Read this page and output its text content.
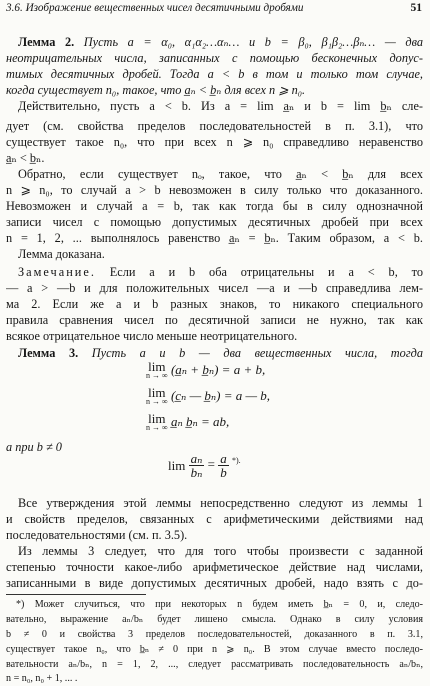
3.6. Изображение вещественных чисел десятичными дробями	51
Лемма 2. Пусть a = α₀, α₁α₂…αₙ… и b = β₀, β₁β₂…βₙ… — два
неотрицательных числа, записанных с помощью бесконечных допус-
тимых десятичных дробей. Тогда a < b в том и только том случае,
когда существует n₀, такое, что a̲ₙ < b̲ₙ для всех n ⩾ n₀.
Действительно, пусть a < b. Из a = lim a̲ₙ и b = lim b̲ₙ сле-
дует (см. свойства пределов последовательностей в п. 3.1), что
существует такое n₀, что при всех n ⩾ n₀ справедливо неравенство
a̲ₙ < b̲ₙ.
Обратно, если существует nₒ, такое, что a̲ₙ < b̲ₙ для всех
n ⩾ n₀, то случай a > b невозможен в силу только что доказанного.
Невозможен и случай a = b, так как тогда бы в силу однозначной
записи чисел с помощью допустимых десятичных дробей при всех
n = 1, 2, ... выполнялось равенство a̲ₙ = b̲ₙ. Таким образом, a < b.
Лемма доказана.
Замечание. Если a и b оба отрицательны и a < b, то
— a > —b и для положительных чисел —a и —b справедлива лем-
ма 2. Если же a и b разных знаков, то никакого специального
правила сравнения чисел по десятичной записи не нужно, так как
всякое отрицательное число меньше неотрицательного.
Лемма 3. Пусть a и b — два вещественных числа, тогда
lim
n → ∞ (a̲ₙ + b̲ₙ) = a + b,
lim
n → ∞ (c̲ₙ — b̲ₙ) = a — b,
lim
n → ∞ a̲ₙ b̲ₙ = ab,
a при b ≠ 0
lim
$\frac{\text{aₙ}}{\text{bₙ}} = \frac{a}{b} ^{*).}$
Все утверждения этой леммы непосредственно следуют из леммы 1
и свойств пределов, связанных с арифметическими действиями над
последовательностями (см. п. 3.5).
Из леммы 3 следует, что для того чтобы произвести с заданной
степенью точности какое-либо арифметическое действие над числами,
записанными в виде допустимых десятичных дробей, надо взять с до-
*) Может случиться, что при некоторых n будем иметь b̲ₙ = 0, и, следо-
вательно, выражение aₙ/bₙ будет лишено смысла. Однако в силу условия
b ≠ 0 и свойства 3 пределов последовательностей, доказанного в п. 3.1,
существует такое n₀, что b̲ₙ ≠ 0 при n ⩾ n₀. В этом случае вместо последо-
вательности aₙ/bₙ, n = 1, 2, ..., следует рассматривать последовательность aₙ/bₙ,
n = n₀, n₀ + 1, ... .
